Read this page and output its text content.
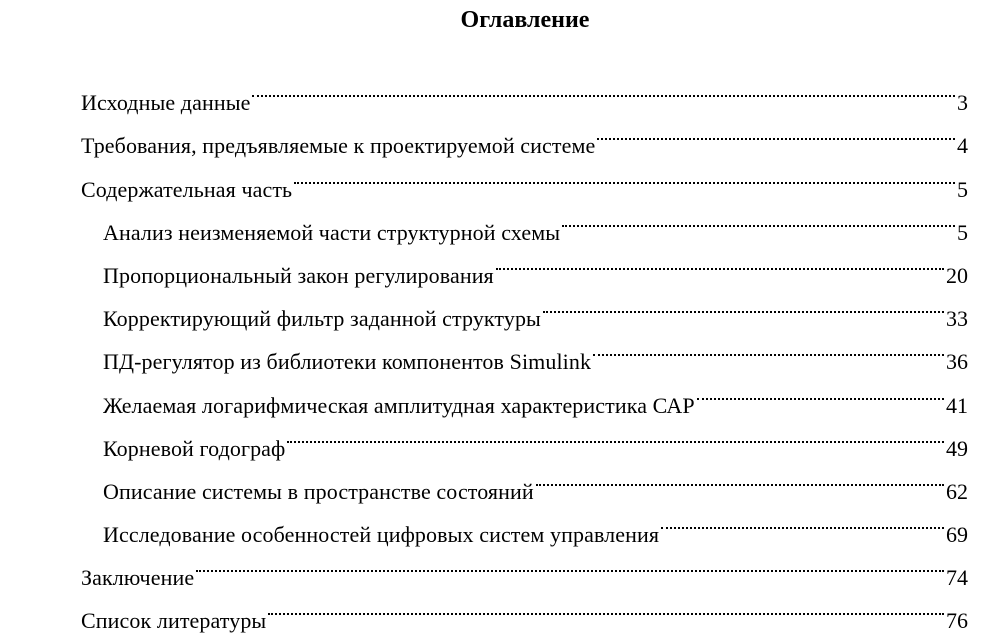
Оглавление
Исходные данные	3
Требования, предъявляемые к проектируемой системе	4
Содержательная часть	5
Анализ неизменяемой части структурной схемы	5
Пропорциональный закон регулирования	20
Корректирующий фильтр заданной структуры	33
ПД-регулятор из библиотеки компонентов Simulink	36
Желаемая логарифмическая амплитудная характеристика САР	41
Корневой годограф	49
Описание системы в пространстве состояний	62
Исследование особенностей цифровых систем управления	69
Заключение	74
Список литературы	76
